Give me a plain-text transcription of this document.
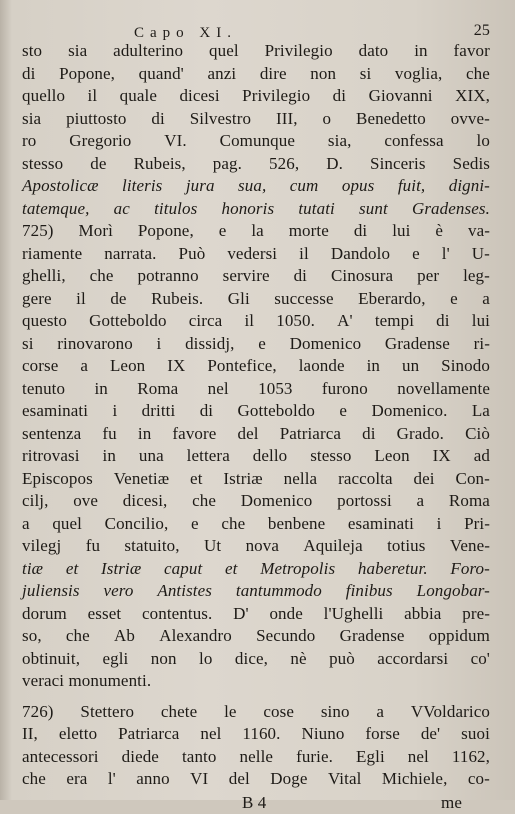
Capo XI.	25
sto sia adulterino quel Privilegio dato in favor
di Popone, quand' anzi dire non si voglia, che
quello il quale dicesi Privilegio di Giovanni XIX,
sia piuttosto di Silvestro III, o Benedetto ovve-
ro Gregorio VI. Comunque sia, confessa lo
stesso de Rubeis, pag. 526, D. Sinceris Sedis
Apostolicæ literis jura sua, cum opus fuit, digni-
tatemque, ac titulos honoris tutati sunt Gradenses.
725) Morì Popone, e la morte di lui è va-
riamente narrata. Può vedersi il Dandolo e l' U-
ghelli, che potranno servire di Cinosura per leg-
gere il de Rubeis. Gli successe Eberardo, e a
questo Gotteboldo circa il 1050. A' tempi di lui
si rinovarono i dissidj, e Domenico Gradense ri-
corse a Leon IX Pontefice, laonde in un Sinodo
tenuto in Roma nel 1053 furono novellamente
esaminati i dritti di Gotteboldo e Domenico. La
sentenza fu in favore del Patriarca di Grado. Ciò
ritrovasi in una lettera dello stesso Leon IX ad
Episcopos Venetiæ et Istriæ nella raccolta dei Con-
cilj, ove dicesi, che Domenico portossi a Roma
a quel Concilio, e che benbene esaminati i Pri-
vilegj fu statuito, Ut nova Aquileja totius Vene-
tiæ et Istriæ caput et Metropolis haberetur. Foro-
juliensis vero Antistes tantummodo finibus Longobar-
dorum esset contentus. D' onde l'Ughelli abbia pre-
so, che Ab Alexandro Secundo Gradense oppidum
obtinuit, egli non lo dice, nè può accordarsi co'
veraci monumenti.
726) Stettero chete le cose sino a VVoldarico
II, eletto Patriarca nel 1160. Niuno forse de' suoi
antecessori diede tanto nelle furie. Egli nel 1162,
che era l' anno VI del Doge Vital Michiele, co-
B 4	me
